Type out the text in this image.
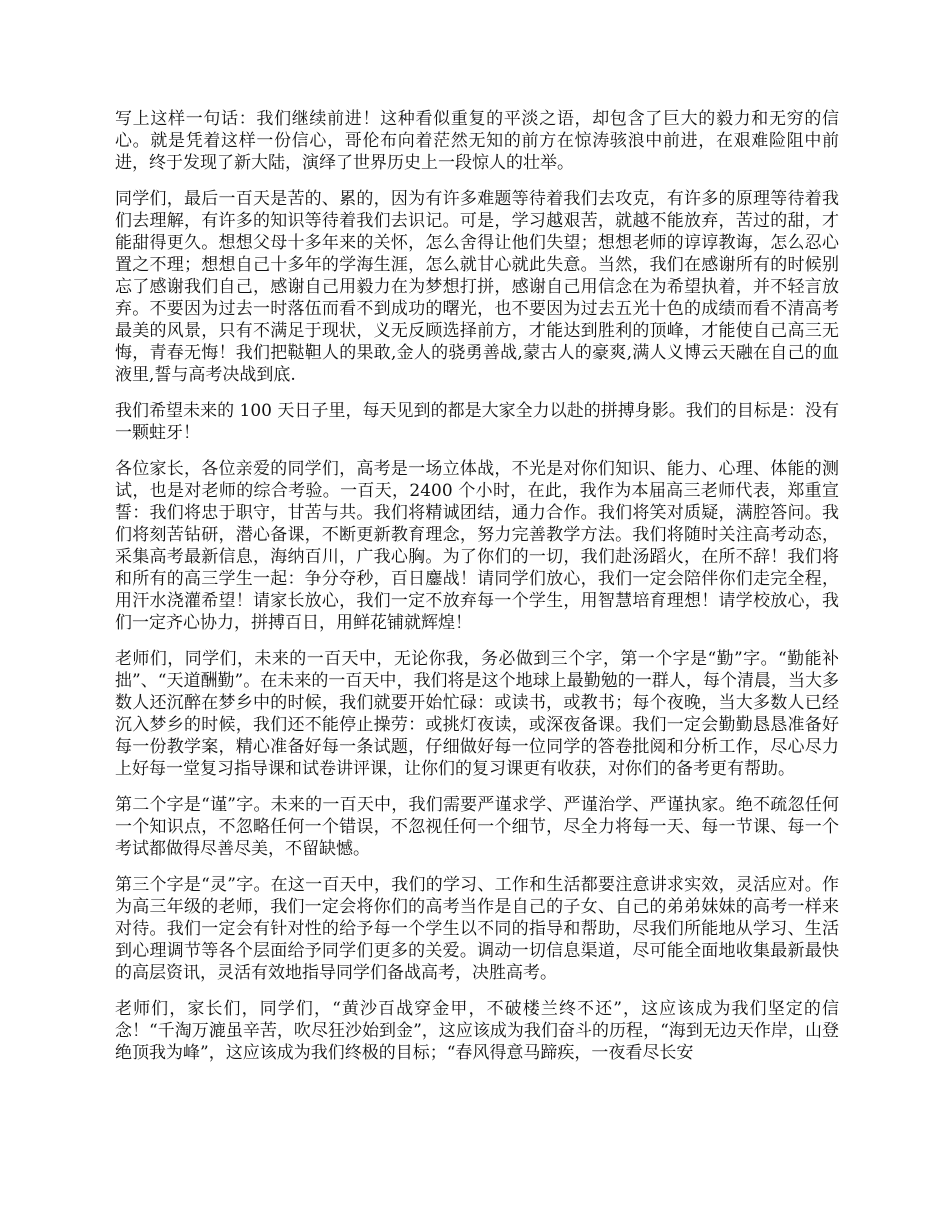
写上这样一句话：我们继续前进！这种看似重复的平淡之语，却包含了巨大的毅力和无穷的信心。就是凭着这样一份信心，哥伦布向着茫然无知的前方在惊涛骇浪中前进，在艰难险阻中前进，终于发现了新大陆，演绎了世界历史上一段惊人的壮举。

同学们，最后一百天是苦的、累的，因为有许多难题等待着我们去攻克，有许多的原理等待着我们去理解，有许多的知识等待着我们去识记。可是，学习越艰苦，就越不能放弃，苦过的甜，才能甜得更久。想想父母十多年来的关怀，怎么舍得让他们失望；想想老师的谆谆教诲，怎么忍心置之不理；想想自己十多年的学海生涯，怎么就甘心就此失意。当然，我们在感谢所有的时候别忘了感谢我们自己，感谢自己用毅力在为梦想打拼，感谢自己用信念在为希望执着，并不轻言放弃。不要因为过去一时落伍而看不到成功的曙光，也不要因为过去五光十色的成绩而看不清高考最美的风景，只有不满足于现状，义无反顾选择前方，才能达到胜利的顶峰，才能使自己高三无悔，青春无悔！我们把鞑靼人的果敢,金人的骁勇善战,蒙古人的豪爽,满人义博云天融在自己的血液里,誓与高考决战到底.

我们希望未来的 100 天日子里，每天见到的都是大家全力以赴的拼搏身影。我们的目标是：没有一颗蛀牙！

各位家长，各位亲爱的同学们，高考是一场立体战，不光是对你们知识、能力、心理、体能的测试，也是对老师的综合考验。一百天，2400 个小时，在此，我作为本届高三老师代表，郑重宣誓：我们将忠于职守，甘苦与共。我们将精诚团结，通力合作。我们将笑对质疑，满腔答问。我们将刻苦钻研，潜心备课，不断更新教育理念，努力完善教学方法。我们将随时关注高考动态，采集高考最新信息，海纳百川，广我心胸。为了你们的一切，我们赴汤蹈火，在所不辞！我们将和所有的高三学生一起：争分夺秒，百日鏖战！请同学们放心，我们一定会陪伴你们走完全程，用汗水浇灌希望！请家长放心，我们一定不放弃每一个学生，用智慧培育理想！请学校放心，我们一定齐心协力，拼搏百日，用鲜花铺就辉煌！

老师们，同学们，未来的一百天中，无论你我，务必做到三个字，第一个字是“勤”字。“勤能补拙”、“天道酬勤”。在未来的一百天中，我们将是这个地球上最勤勉的一群人，每个清晨，当大多数人还沉醉在梦乡中的时候，我们就要开始忙碌：或读书，或教书；每个夜晚，当大多数人已经沉入梦乡的时候，我们还不能停止操劳：或挑灯夜读，或深夜备课。我们一定会勤勤恳恳准备好每一份教学案，精心准备好每一条试题，仔细做好每一位同学的答卷批阅和分析工作，尽心尽力上好每一堂复习指导课和试卷讲评课，让你们的复习课更有收获，对你们的备考更有帮助。

第二个字是“谨”字。未来的一百天中，我们需要严谨求学、严谨治学、严谨执家。绝不疏忽任何一个知识点，不忽略任何一个错误，不忽视任何一个细节，尽全力将每一天、每一节课、每一个考试都做得尽善尽美，不留缺憾。

第三个字是“灵”字。在这一百天中，我们的学习、工作和生活都要注意讲求实效，灵活应对。作为高三年级的老师，我们一定会将你们的高考当作是自己的子女、自己的弟弟妹妹的高考一样来对待。我们一定会有针对性的给予每一个学生以不同的指导和帮助，尽我们所能地从学习、生活到心理调节等各个层面给予同学们更多的关爱。调动一切信息渠道，尽可能全面地收集最新最快的高层资讯，灵活有效地指导同学们备战高考，决胜高考。

老师们，家长们，同学们，“黄沙百战穿金甲，不破楼兰终不还”，这应该成为我们坚定的信念！“千淘万漉虽辛苦，吹尽狂沙始到金”，这应该成为我们奋斗的历程，“海到无边天作岸，山登绝顶我为峰”，这应该成为我们终极的目标；“春风得意马蹄疾，一夜看尽长安
